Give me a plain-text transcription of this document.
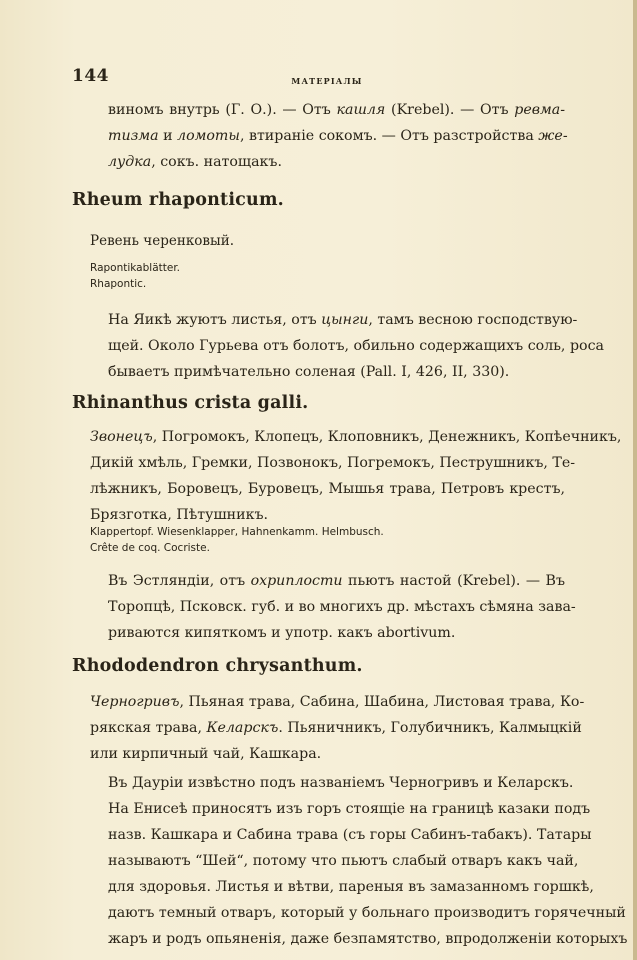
144	МАТЕРІАЛЫ
виномъ внутрь (Г. О.). — Отъ кашля (Krebel). — Отъ ревма-
тизма и ломоты, втираніе сокомъ. — Отъ разстройства же-
лудка, сокъ. натощакъ.
Rheum rhaponticum.
Ревень черенковый.
Rapontikablätter.
Rhapontic.
На Яикѣ жуютъ листья, отъ цынги, тамъ весною господствую-
щей. Около Гурьева отъ болотъ, обильно содержащихъ соль, роса
бываетъ примѣчательно соленая (Pall. I, 426, II, 330).
Rhinanthus crista galli.
Звонецъ, Погромокъ, Клопецъ, Клоповникъ, Денежникъ, Копѣечникъ,
Дикій хмѣль, Гремки, Позвонокъ, Погремокъ, Пеструшникъ, Те-
лѣжникъ, Боровецъ, Буровецъ, Мышья трава, Петровъ крестъ,
Брязготка, Пѣтушникъ.
Klappertopf. Wiesenklapper, Hahnenkamm. Helmbusch.
Crête de coq. Cocriste.
Въ Эстляндіи, отъ охриплости пьютъ настой (Krebel). — Въ
Торопцѣ, Псковск. губ. и во многихъ др. мѣстахъ сѣмяна зава-
риваются кипяткомъ и употр. какъ abortivum.
Rhododendron chrysanthum.
Черногривъ, Пьяная трава, Сабина, Шабина, Листовая трава, Ко-
рякская трава, Келарскъ. Пьяничникъ, Голубичникъ, Калмыцкій
или кирпичный чай, Кашкара.
Въ Дауріи извѣстно подъ названіемъ Черногривъ и Келарскъ.
На Енисеѣ приносятъ изъ горъ стоящіе на границѣ казаки подъ
назв. Кашкара и Сабина трава (съ горы Сабинъ-табакъ). Татары
называютъ “Шей“, потому что пьютъ слабый отваръ какъ чай,
для здоровья. Листья и вѣтви, пареныя въ замазанномъ горшкѣ,
даютъ темный отваръ, который у больнаго производитъ горячечный
жаръ и родъ опьяненія, даже безпамятство, впродолженіи которыхъ
